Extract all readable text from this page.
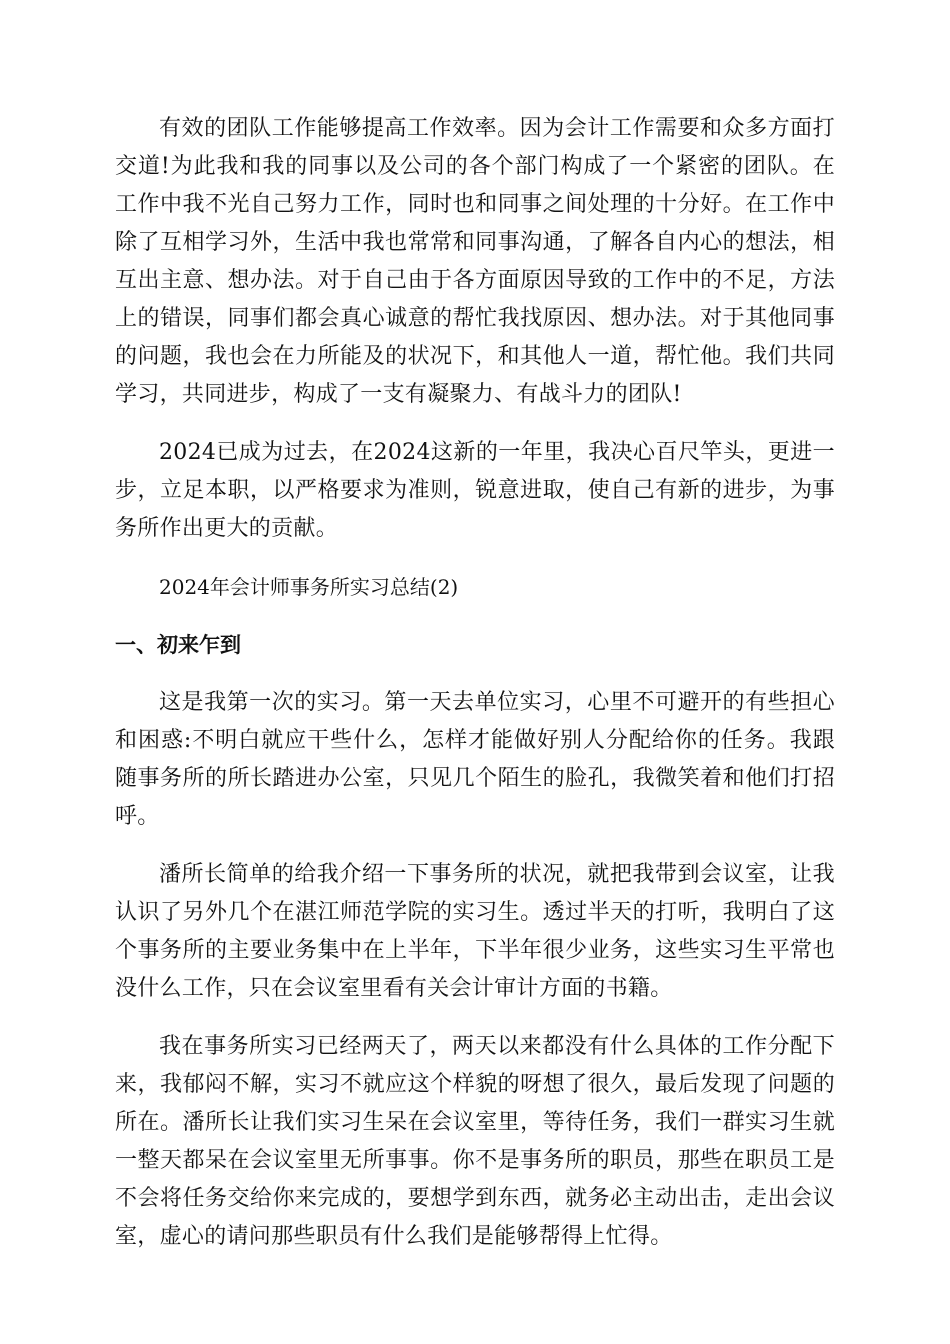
有效的团队工作能够提高工作效率。因为会计工作需要和众多方面打交道!为此我和我的同事以及公司的各个部门构成了一个紧密的团队。在工作中我不光自己努力工作，同时也和同事之间处理的十分好。在工作中除了互相学习外，生活中我也常常和同事沟通，了解各自内心的想法，相互出主意、想办法。对于自己由于各方面原因导致的工作中的不足，方法上的错误，同事们都会真心诚意的帮忙我找原因、想办法。对于其他同事的问题，我也会在力所能及的状况下，和其他人一道，帮忙他。我们共同学习，共同进步，构成了一支有凝聚力、有战斗力的团队!

2024已成为过去，在2024这新的一年里，我决心百尺竿头，更进一步，立足本职，以严格要求为准则，锐意进取，使自己有新的进步，为事务所作出更大的贡献。

2024年会计师事务所实习总结(2)

一、初来乍到

这是我第一次的实习。第一天去单位实习，心里不可避开的有些担心和困惑:不明白就应干些什么，怎样才能做好别人分配给你的任务。我跟随事务所的所长踏进办公室，只见几个陌生的脸孔，我微笑着和他们打招呼。

潘所长简单的给我介绍一下事务所的状况，就把我带到会议室，让我认识了另外几个在湛江师范学院的实习生。透过半天的打听，我明白了这个事务所的主要业务集中在上半年，下半年很少业务，这些实习生平常也没什么工作，只在会议室里看有关会计审计方面的书籍。

我在事务所实习已经两天了，两天以来都没有什么具体的工作分配下来，我郁闷不解，实习不就应这个样貌的呀想了很久，最后发现了问题的所在。潘所长让我们实习生呆在会议室里，等待任务，我们一群实习生就一整天都呆在会议室里无所事事。你不是事务所的职员，那些在职员工是不会将任务交给你来完成的，要想学到东西，就务必主动出击，走出会议室，虚心的请问那些职员有什么我们是能够帮得上忙得。
